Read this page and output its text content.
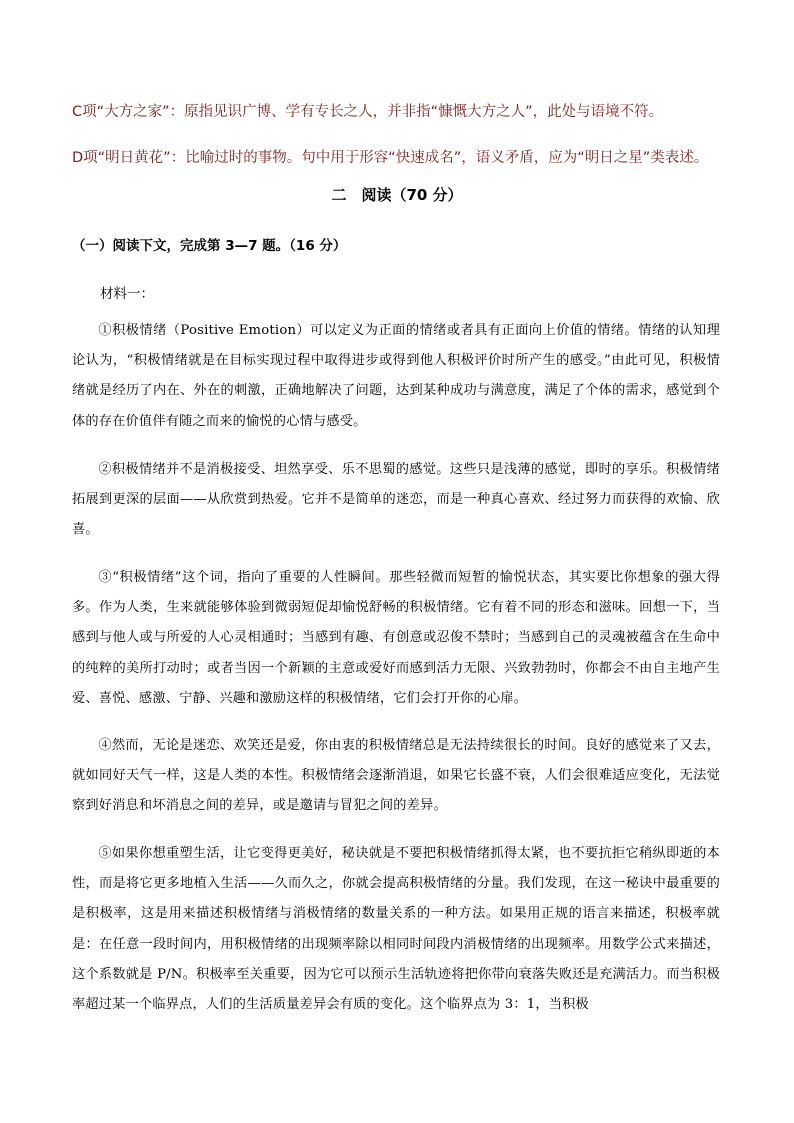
C项“大方之家”：原指见识广博、学有专长之人，并非指“慷慨大方之人”，此处与语境不符。
D项“明日黄花”：比喻过时的事物。句中用于形容“快速成名”，语义矛盾，应为“明日之星”类表述。
二　阅读（70 分）
（一）阅读下文，完成第 3—7 题。（16 分）
材料一：
①积极情绪（Positive Emotion）可以定义为正面的情绪或者具有正面向上价值的情绪。情绪的认知理论认为，“积极情绪就是在目标实现过程中取得进步或得到他人积极评价时所产生的感受。”由此可见，积极情绪就是经历了内在、外在的刺激，正确地解决了问题，达到某种成功与满意度，满足了个体的需求，感觉到个体的存在价值伴有随之而来的愉悦的心情与感受。
②积极情绪并不是消极接受、坦然享受、乐不思蜀的感觉。这些只是浅薄的感觉，即时的享乐。积极情绪拓展到更深的层面——从欣赏到热爱。它并不是简单的迷恋，而是一种真心喜欢、经过努力而获得的欢愉、欣喜。
③“积极情绪”这个词，指向了重要的人性瞬间。那些轻微而短暂的愉悦状态，其实要比你想象的强大得多。作为人类，生来就能够体验到微弱短促却愉悦舒畅的积极情绪。它有着不同的形态和滋味。回想一下，当感到与他人或与所爱的人心灵相通时；当感到有趣、有创意或忍俊不禁时；当感到自己的灵魂被蕴含在生命中的纯粹的美所打动时；或者当因一个新颖的主意或爱好而感到活力无限、兴致勃勃时，你都会不由自主地产生爱、喜悦、感激、宁静、兴趣和激励这样的积极情绪，它们会打开你的心扉。
④然而，无论是迷恋、欢笑还是爱，你由衷的积极情绪总是无法持续很长的时间。良好的感觉来了又去，就如同好天气一样，这是人类的本性。积极情绪会逐渐消退，如果它长盛不衰，人们会很难适应变化，无法觉察到好消息和坏消息之间的差异，或是邀请与冒犯之间的差异。
⑤如果你想重塑生活，让它变得更美好，秘诀就是不要把积极情绪抓得太紧，也不要抗拒它稍纵即逝的本性，而是将它更多地植入生活——久而久之，你就会提高积极情绪的分量。我们发现，在这一秘诀中最重要的是积极率，这是用来描述积极情绪与消极情绪的数量关系的一种方法。如果用正规的语言来描述，积极率就是：在任意一段时间内，用积极情绪的出现频率除以相同时间段内消极情绪的出现频率。用数学公式来描述，这个系数就是 P/N。积极率至关重要，因为它可以预示生活轨迹将把你带向衰落失败还是充满活力。而当积极率超过某一个临界点，人们的生活质量差异会有质的变化。这个临界点为 3：1，当积极
